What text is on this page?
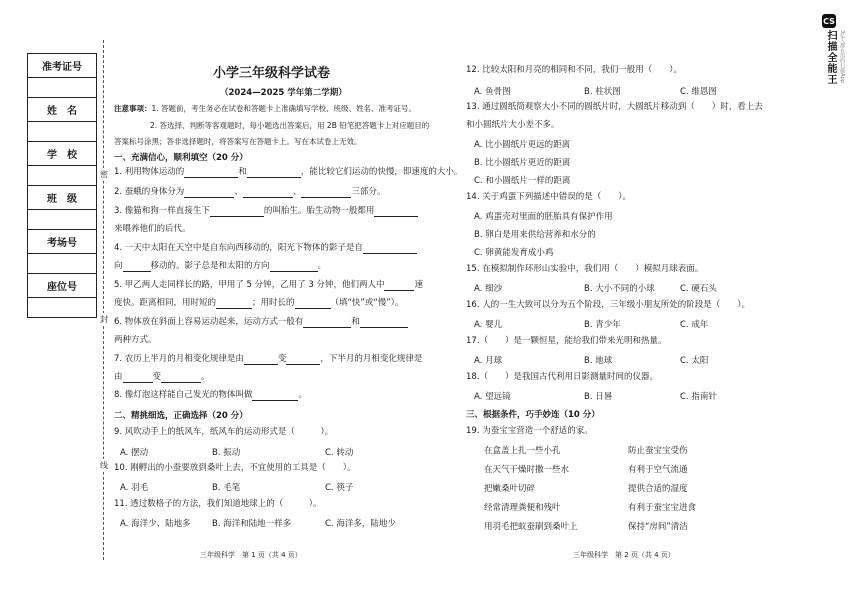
CS
扫描全能王 3亿人都在用的扫描App
准考证号
姓　名
学　校
班　级
考场号
座位号
密
封
线
小学三年级科学试卷
（2024—2025 学年第二学期）
注意事项：1. 答题前，考生务必在试卷和答题卡上准确填写学校、班级、姓名、准考证号。
2. 答选择、判断等客观题时，每小题选出答案后，用 2B 铅笔把答题卡上对应题目的
答案标号涂黑；答非选择题时，将答案写在答题卡上。写在本试卷上无效。
一、充满信心，顺利填空（20 分）
1. 利用物体运动的	和	，能比较它们运动的快慢，即速度的大小。
2. 蚕蛾的身体分为	、	、	三部分。
3. 像猫和狗一样直接生下	的叫胎生。胎生动物一般都用
来喂养他们的后代。
4. 一天中太阳在天空中是自东向西移动的，阳光下物体的影子是自
向	移动的。影子总是和太阳的方向	。
5. 甲乙两人走同样长的路，甲用了 5 分钟，乙用了 3 分钟，他们两人中	速
度快。距离相同，用时短的	；用时长的	（填“快”或“慢”）。
6. 物体放在斜面上容易运动起来，运动方式一般有	和
两种方式。
7. 农历上半月的月相变化规律是由	变	，下半月的月相变化规律是
由	变	。
8. 像灯泡这样能自己发光的物体叫做	。
二、精挑细选，正确选择（20 分）
9. 风吹动手上的纸风车，纸风车的运动形式是（　　　）。
A. 摆动	B. 振动	C. 转动
10. 刚孵出的小蚕要放到桑叶上去，不宜使用的工具是（　　）。
A. 羽毛	B. 毛笔	C. 筷子
11. 透过数格子的方法，我们知道地球上的（　　　）。
A. 海洋少、陆地多	B. 海洋和陆地一样多	C. 海洋多，陆地少
三年级科学　第 1 页（共 4 页）
12. 比较太阳和月亮的相同和不同，我们一般用（　　）。
A. 鱼骨图	B. 柱状图	C. 维恩图
13. 通过圆纸筒观察大小不同的圆纸片时，大圆纸片移动到（　　）时，看上去
和小圆纸片大小差不多。
A. 比小圆纸片更远的距离
B. 比小圆纸片更近的距离
C. 和小圆纸片一样的距离
14. 关于鸡蛋下列描述中错误的是（　　）。
A. 鸡蛋壳对里面的胚胎具有保护作用
B. 卵白是用来供给营养和水分的
C. 卵黄能发育成小鸡
15. 在模拟制作环形山实验中，我们用（　　）模拟月球表面。
A. 细沙	B. 大小不同的小球	C. 硬石头
16. 人的一生大致可以分为五个阶段，三年级小朋友所处的阶段是（　　）。
A. 婴儿	B. 青少年	C. 成年
17.（　　）是一颗恒星，能给我们带来光明和热量。
A. 月球	B. 地球	C. 太阳
18.（　　）是我国古代利用日影测量时间的仪器。
A. 望远镜	B. 日晷	C. 指南针
三、根据条件，巧手妙连（10 分）
19. 为蚕宝宝营造一个舒适的家。
在盒盖上扎一些小孔	防止蚕宝宝受伤
在天气干燥时撒一些水	有利于空气流通
把嫩桑叶切碎	提供合适的湿度
经常清理粪便和残叶	有利于蚕宝宝进食
用羽毛把蚁蚕刷到桑叶上	保持“房间”清洁
三年级科学　第 2 页（共 4 页）
